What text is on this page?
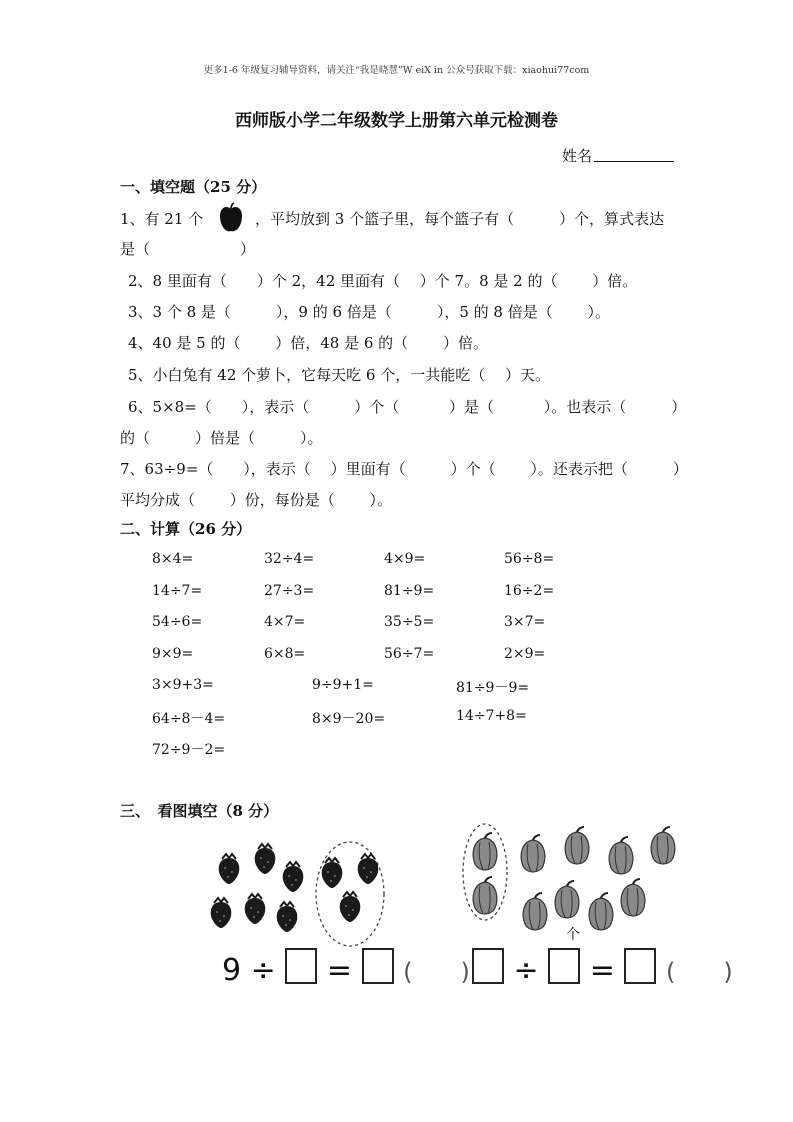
更多1-6 年级复习辅导资料，请关注“我是晓慧”W eiX in 公众号获取下载：xiaohui77com
西师版小学二年级数学上册第六单元检测卷
姓名
一、填空题（25 分）
1、有 21 个	，平均放到 3 个篮子里，每个篮子有（　　　）个，算式表达
是（　　　　　　）
2、8 里面有（　　）个 2，42 里面有（　 ）个 7。8 是 2 的（　　 ）倍。
3、3 个 8 是（　　　），9 的 6 倍是（　　　），5 的 8 倍是（　　 ）。
4、40 是 5 的（　　 ）倍，48 是 6 的（　　 ）倍。
5、小白兔有 42 个萝卜，它每天吃 6 个，一共能吃（　 ）天。
6、5×8=（　　），表示（　　　）个（　　　 ）是（　　　 ）。也表示（　　　）
的（　　　）倍是（　　　）。
7、63÷9=（　　），表示（　 ）里面有（　　　）个（　　 ）。还表示把（　　　）
平均分成（　　 ）份，每份是（　　 ）。
二、计算（26 分）
8×4=	32÷4=	4×9=	56÷8=
14÷7=	27÷3=	81÷9=	16÷2=
54÷6=	4×7=	35÷5=	3×7=
9×9=	6×8=	56÷7=	2×9=
3×9+3=	9÷9+1=	81÷9－9=
64÷8－4=	8×9－20=	14÷7+8=
72÷9－2=
三、　看图填空（8 分）
9 ÷ = (　　)
个
÷ = (　　)
